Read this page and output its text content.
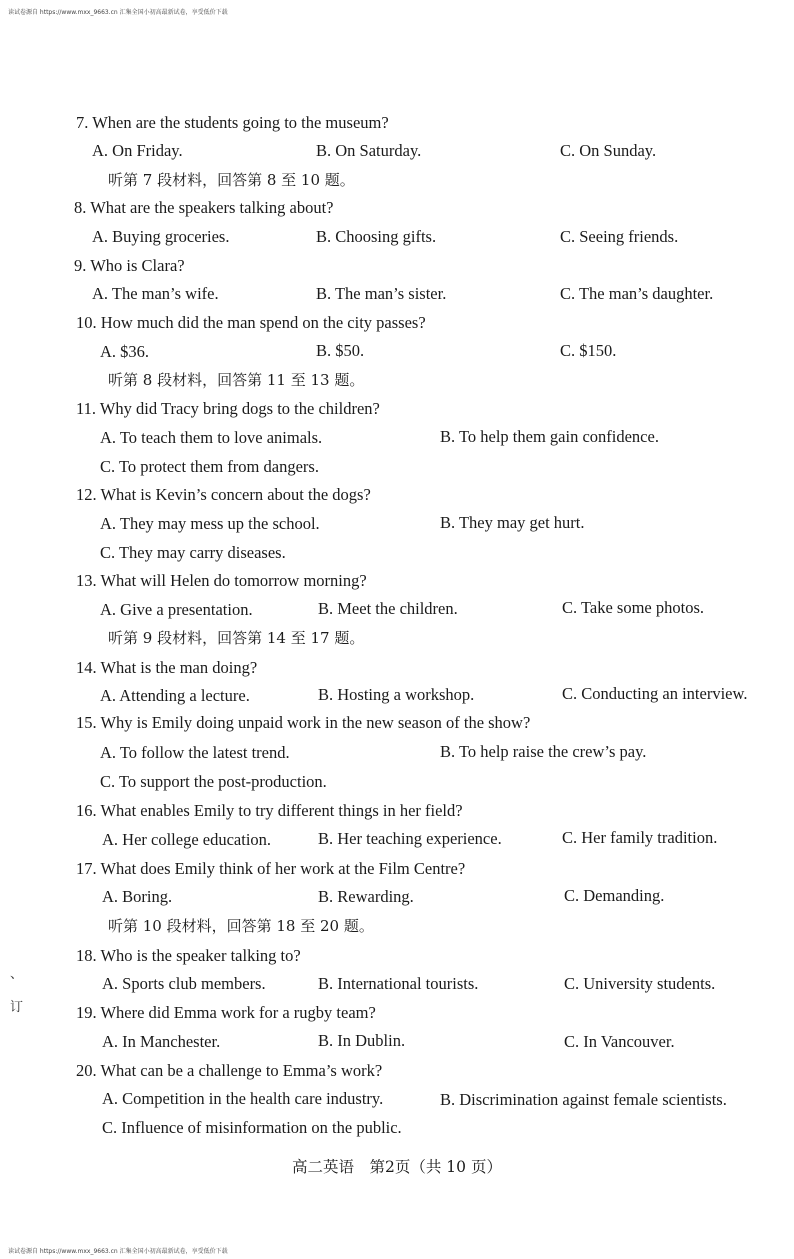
读试卷源自 https://www.mxx_9663.cn 汇集全国小初高最新试卷，享受低价下载
7. When are the students going to the museum?
A. On Friday.	B. On Saturday.	C. On Sunday.
听第 7 段材料，回答第 8 至 10 题。
8. What are the speakers talking about?
A. Buying groceries.	B. Choosing gifts.	C. Seeing friends.
9. Who is Clara?
A. The man’s wife.	B. The man’s sister.	C. The man’s daughter.
10. How much did the man spend on the city passes?
A. $36.	B. $50.	C. $150.
听第 8 段材料，回答第 11 至 13 题。
11. Why did Tracy bring dogs to the children?
A. To teach them to love animals.	B. To help them gain confidence.
C. To protect them from dangers.
12. What is Kevin’s concern about the dogs?
A. They may mess up the school.	B. They may get hurt.
C. They may carry diseases.
13. What will Helen do tomorrow morning?
A. Give a presentation.	B. Meet the children.	C. Take some photos.
听第 9 段材料，回答第 14 至 17 题。
14. What is the man doing?
A. Attending a lecture.	B. Hosting a workshop.	C. Conducting an interview.
15. Why is Emily doing unpaid work in the new season of the show?
A. To follow the latest trend.	B. To help raise the crew’s pay.
C. To support the post-production.
16. What enables Emily to try different things in her field?
A. Her college education.	B. Her teaching experience.	C. Her family tradition.
17. What does Emily think of her work at the Film Centre?
A. Boring.	B. Rewarding.	C. Demanding.
听第 10 段材料，回答第 18 至 20 题。
18. Who is the speaker talking to?
A. Sports club members.	B. International tourists.	C. University students.
19. Where did Emma work for a rugby team?
A. In Manchester.	B. In Dublin.	C. In Vancouver.
20. What can be a challenge to Emma’s work?
A. Competition in the health care industry.	B. Discrimination against female scientists.
C. Influence of misinformation on the public.
、
订
高二英语　第2页（共 10 页）
读试卷源自 https://www.mxx_9663.cn 汇集全国小初高最新试卷，享受低价下载
